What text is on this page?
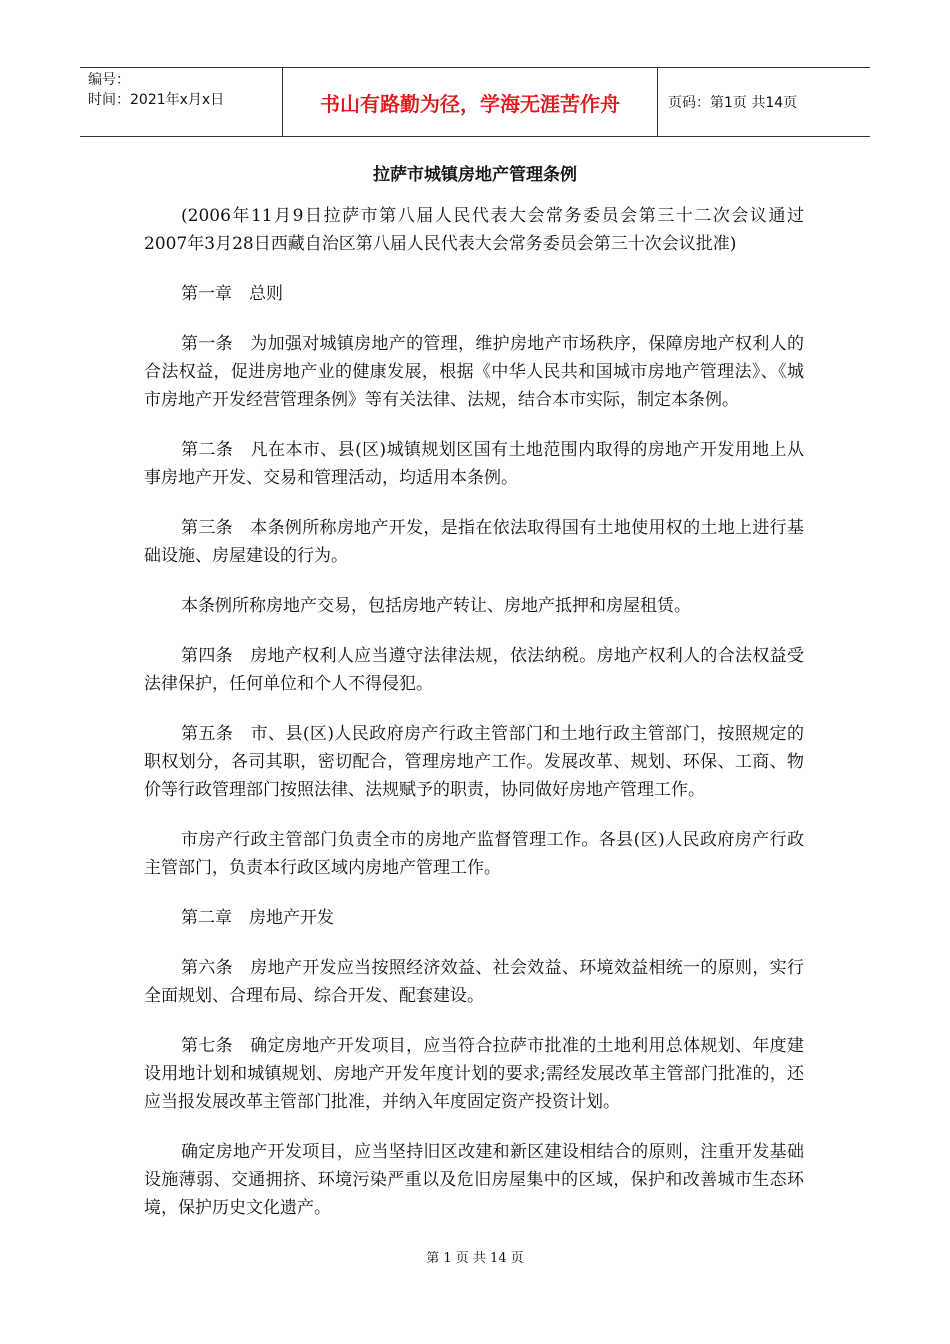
编号：
时间：2021年x月x日	书山有路勤为径，学海无涯苦作舟	页码：第1页 共14页
拉萨市城镇房地产管理条例

(2006年11月9日拉萨市第八届人民代表大会常务委员会第三十二次会议通过　2007年3月28日西藏自治区第八届人民代表大会常务委员会第三十次会议批准)

第一章　总则

第一条　为加强对城镇房地产的管理，维护房地产市场秩序，保障房地产权利人的合法权益，促进房地产业的健康发展，根据《中华人民共和国城市房地产管理法》、《城市房地产开发经营管理条例》等有关法律、法规，结合本市实际，制定本条例。

第二条　凡在本市、县(区)城镇规划区国有土地范围内取得的房地产开发用地上从事房地产开发、交易和管理活动，均适用本条例。

第三条　本条例所称房地产开发，是指在依法取得国有土地使用权的土地上进行基础设施、房屋建设的行为。

本条例所称房地产交易，包括房地产转让、房地产抵押和房屋租赁。

第四条　房地产权利人应当遵守法律法规，依法纳税。房地产权利人的合法权益受法律保护，任何单位和个人不得侵犯。

第五条　市、县(区)人民政府房产行政主管部门和土地行政主管部门，按照规定的职权划分，各司其职，密切配合，管理房地产工作。发展改革、规划、环保、工商、物价等行政管理部门按照法律、法规赋予的职责，协同做好房地产管理工作。

市房产行政主管部门负责全市的房地产监督管理工作。各县(区)人民政府房产行政主管部门，负责本行政区域内房地产管理工作。

第二章　房地产开发

第六条　房地产开发应当按照经济效益、社会效益、环境效益相统一的原则，实行全面规划、合理布局、综合开发、配套建设。

第七条　确定房地产开发项目，应当符合拉萨市批准的土地利用总体规划、年度建设用地计划和城镇规划、房地产开发年度计划的要求;需经发展改革主管部门批准的，还应当报发展改革主管部门批准，并纳入年度固定资产投资计划。

确定房地产开发项目，应当坚持旧区改建和新区建设相结合的原则，注重开发基础设施薄弱、交通拥挤、环境污染严重以及危旧房屋集中的区域，保护和改善城市生态环境，保护历史文化遗产。

第 1 页 共 14 页
